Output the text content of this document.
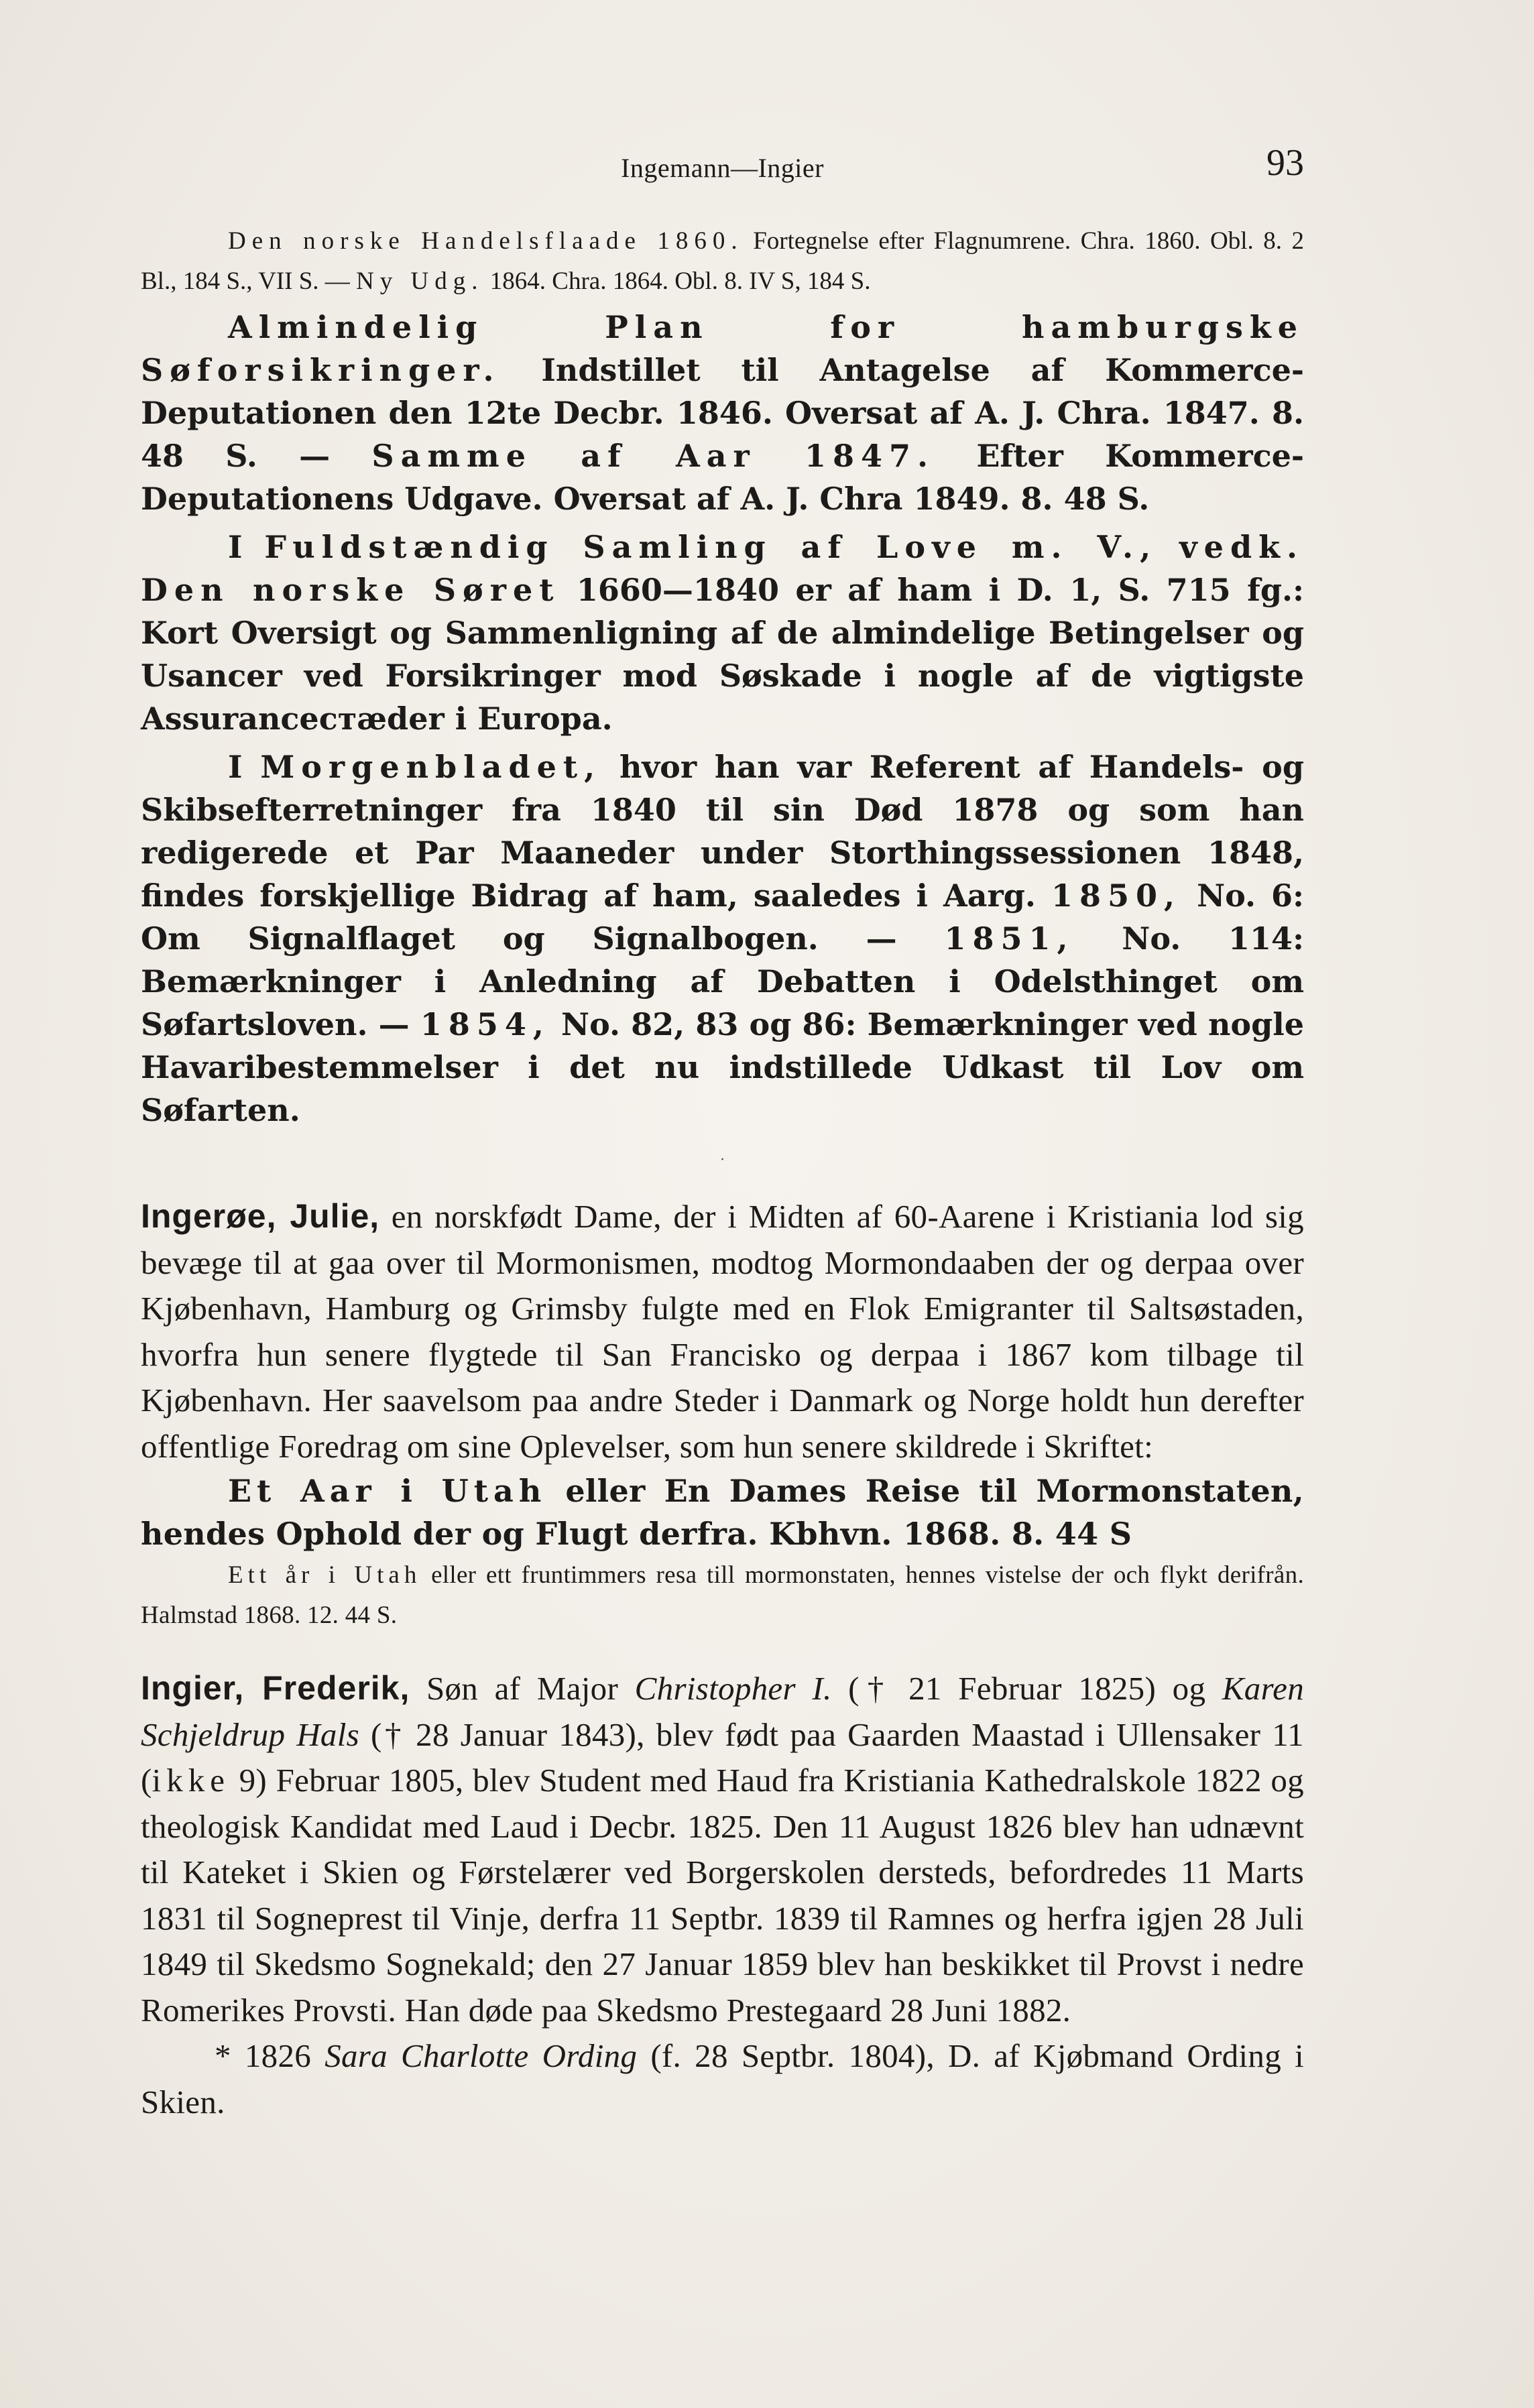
Ingemann—Ingier	93

Den norske Handelsflaade 1860. Fortegnelse efter Flagnumrene. Chra. 1860. Obl. 8. 2 Bl., 184 S., VII S. — Ny Udg. 1864. Chra. 1864. Obl. 8. IV S, 184 S.

Almindelig Plan for hamburgske Søforsikringer. Indstillet til Antagelse af Kommerce-Deputationen den 12te Decbr. 1846. Oversat af A. J. Chra. 1847. 8. 48 S. — Samme af Aar 1847. Efter Kommerce-Deputationens Udgave. Oversat af A. J. Chra 1849. 8. 48 S.

I Fuldstændig Samling af Love m. V., vedk. Den norske Søret 1660—1840 er af ham i D. 1, S. 715 fg.: Kort Oversigt og Sammenligning af de almindelige Betingelser og Usancer ved Forsikringer mod Søskade i nogle af de vigtigste Assuranceстæder i Europa.

I Morgenbladet, hvor han var Referent af Handels- og Skibsefterretninger fra 1840 til sin Død 1878 og som han redigerede et Par Maaneder under Storthingssessionen 1848, findes forskjellige Bidrag af ham, saaledes i Aarg. 1850, No. 6: Om Signalflaget og Signalbogen. — 1851, No. 114: Bemærkninger i Anledning af Debatten i Odelsthinget om Søfartsloven. — 1854, No. 82, 83 og 86: Bemærkninger ved nogle Havaribestemmelser i det nu indstillede Udkast til Lov om Søfarten.

·

Ingerøe, Julie, en norskfødt Dame, der i Midten af 60-Aarene i Kristiania lod sig bevæge til at gaa over til Mormonismen, modtog Mormondaaben der og derpaa over Kjøbenhavn, Hamburg og Grimsby fulgte med en Flok Emigranter til Saltsøstaden, hvorfra hun senere flygtede til San Francisko og derpaa i 1867 kom tilbage til Kjøbenhavn. Her saavelsom paa andre Steder i Danmark og Norge holdt hun derefter offentlige Foredrag om sine Oplevelser, som hun senere skildrede i Skriftet:

Et Aar i Utah eller En Dames Reise til Mormonstaten, hendes Ophold der og Flugt derfra. Kbhvn. 1868. 8. 44 S

Ett år i Utah eller ett fruntimmers resa till mormonstaten, hennes vistelse der och flykt derifrån. Halmstad 1868. 12. 44 S.

Ingier, Frederik, Søn af Major Christopher I. († 21 Februar 1825) og Karen Schjeldrup Hals († 28 Januar 1843), blev født paa Gaarden Maastad i Ullensaker 11 (ikke 9) Februar 1805, blev Student med Haud fra Kristiania Kathedralskole 1822 og theologisk Kandidat med Laud i Decbr. 1825. Den 11 August 1826 blev han udnævnt til Kateket i Skien og Førstelærer ved Borgerskolen dersteds, befordredes 11 Marts 1831 til Sogneprest til Vinje, derfra 11 Septbr. 1839 til Ramnes og herfra igjen 28 Juli 1849 til Skedsmo Sognekald; den 27 Januar 1859 blev han beskikket til Provst i nedre Romerikes Provsti. Han døde paa Skedsmo Prestegaard 28 Juni 1882.

* 1826 Sara Charlotte Ording (f. 28 Septbr. 1804), D. af Kjøbmand Ording i Skien.
